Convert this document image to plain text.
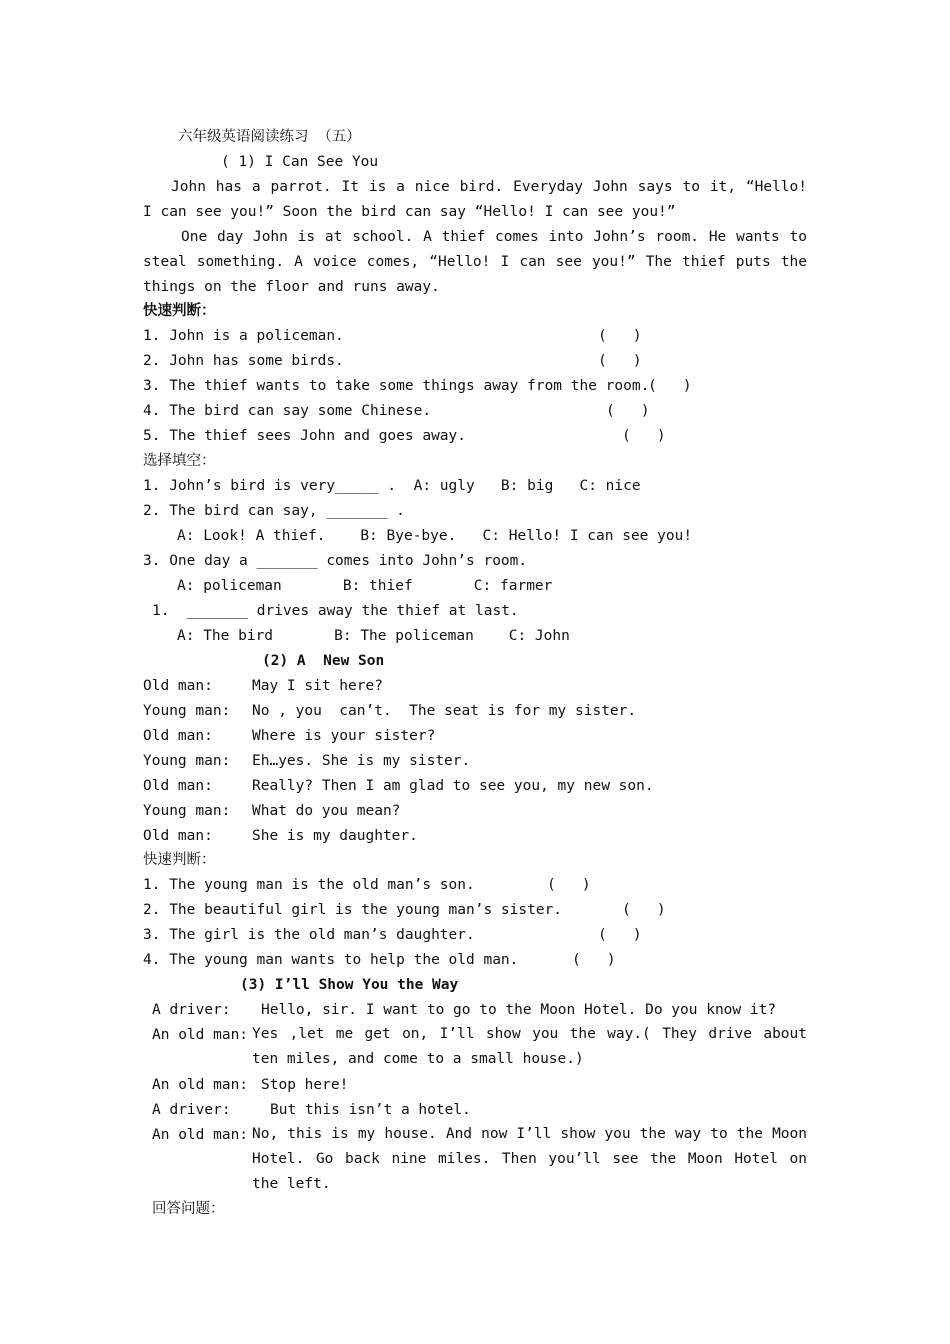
六年级英语阅读练习 （五）
( 1) I Can See You
John has a parrot. It is a nice bird. Everyday John says to it, “Hello! I can see you!” Soon the bird can say “Hello! I can see you!”
One day John is at school. A thief comes into John’s room. He wants to steal something. A voice comes, “Hello! I can see you!” The thief puts the things on the floor and runs away.
快速判断：
1. John is a policeman.	(   )
2. John has some birds.	(   )
3. The thief wants to take some things away from the room.
(   )
4. The bird can say some Chinese.	(   )
5. The thief sees John and goes away.	(   )
选择填空：
1. John’s bird is very_____ .  A: ugly   B: big   C: nice
2. The bird can say, _______ .
A: Look! A thief.    B: Bye-bye.   C: Hello! I can see you!
3. One day a _______ comes into John’s room.
A: policeman       B: thief       C: farmer
1.  _______ drives away the thief at last.
A: The bird       B: The policeman    C: John
(2) A  New Son
Old man:	May I sit here?
Young man: No , you  can’t.  The seat is for my sister.
Old man:	Where is your sister?
Young man: Eh…yes. She is my sister.
Old man:	Really? Then I am glad to see you, my new son.
Young man: What do you mean?
Old man:	She is my daughter.
快速判断：
1. The young man is the old man’s son.	(   )
2. The beautiful girl is the young man’s sister.	(   )
3. The girl is the old man’s daughter.	(   )
4. The young man wants to help the old man.	(   )
(3) I’ll Show You the Way
A driver: Hello, sir. I want to go to the Moon Hotel. Do you know it?
An old man: Yes ,let me get on, I’ll show you the way.( They drive about ten miles, and come to a small house.)
An old man: Stop here!
A driver:	But this isn’t a hotel.
An old man: No, this is my house. And now I’ll show you the way to the Moon Hotel. Go back nine miles. Then you’ll see the Moon Hotel on the left.
回答问题：
